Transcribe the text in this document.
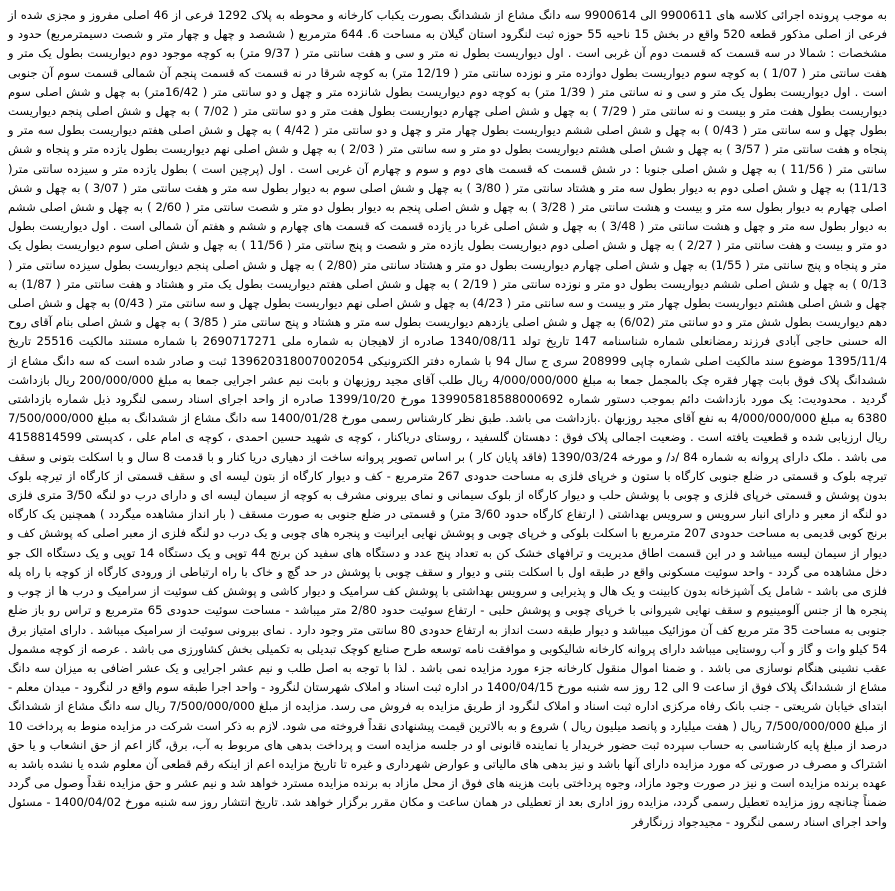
به موجب پرونده اجرائی کلاسه های 9900611 الی 9900614 سه دانگ مشاع از ششدانگ بصورت یکباب کارخانه و محوطه به پلاک 1292 فرعی از 46 اصلی مفروز و مجزی شده از فرعی از اصلی مذکور قطعه 520 واقع در بخش 15 ناحیه 55 حوزه ثبت لنگرود استان گیلان به مساحت 6. 644 مترمربع ( ششصد و چهل و چهار متر و شصت دسیمترمربع) حدود و مشخصات : شمالا در سه قسمت که قسمت دوم آن غربی است . اول دیواریست بطول نه متر و سی و هفت سانتی متر ( 9/37 متر) به کوچه موجود دوم دیواریست بطول یک متر و هفت سانتی متر ( 1/07 ) به کوچه سوم دیواریست بطول دوازده متر و نوزده سانتی متر ( 12/19 متر) به کوچه شرقا در نه قسمت که قسمت پنجم آن شمالی قسمت سوم آن جنوبی است . اول دیواریست بطول یک متر و سی و نه سانتی متر ( 1/39 متر) به کوچه دوم دیواریست بطول شانزده متر و چهل و دو سانتی متر ( 16/42متر) به چهل و شش اصلی سوم دیواریست بطول هفت متر و بیست و نه سانتی متر ( 7/29 ) به چهل و شش اصلی چهارم دیواریست بطول هفت متر و دو سانتی متر ( 7/02 ) به چهل و شش اصلی پنجم دیواریست بطول چهل و سه سانتی متر ( 0/43 ) به چهل و شش اصلی ششم دیواریست بطول چهار متر و چهل و دو سانتی متر ( 4/42 ) به چهل و شش اصلی هفتم دیواریست بطول سه متر و پنجاه و هفت سانتی متر ( 3/57 ) به چهل و شش اصلی هشتم دیواریست بطول دو متر و سه سانتی متر ( 2/03 ) به چهل و شش اصلی نهم دیواریست بطول یازده متر و پنجاه و شش سانتی متر ( 11/56 ) به چهل و شش اصلی جنوبا : در شش قسمت که قسمت های دوم و سوم و چهارم آن غربی است . اول (پرچین است ) بطول یازده متر و سیزده سانتی متر( 11/13) به چهل و شش اصلی دوم به دیوار بطول سه متر و هشتاد سانتی متر ( 3/80 ) به چهل و شش اصلی سوم به دیوار بطول سه متر و هفت سانتی متر ( 3/07 ) به چهل و شش اصلی چهارم به دیوار بطول سه متر و بیست و هشت سانتی متر ( 3/28 ) به چهل و شش اصلی پنجم به دیوار بطول دو متر و شصت سانتی متر ( 2/60 ) به چهل و شش اصلی ششم به دیوار بطول سه متر و چهل و هشت سانتی متر ( 3/48 ) به چهل و شش اصلی غربا در یازده قسمت که قسمت های چهارم و ششم و هفتم آن شمالی است . اول دیواریست بطول دو متر و بیست و هفت سانتی متر ( 2/27 ) به چهل و شش اصلی دوم دیواریست بطول یازده متر و شصت و پنج سانتی متر ( 11/56 ) به چهل و شش اصلی سوم دیواریست بطول یک متر و پنجاه و پنج سانتی متر ( 1/55) به چهل و شش اصلی چهارم دیواریست بطول دو متر و هشتاد سانتی متر (2/80 ) به چهل و شش اصلی پنجم دیواریست بطول سیزده سانتی متر ( 0/13 ) به چهل و شش اصلی ششم دیواریست بطول دو متر و نوزده سانتی متر ( 2/19 ) به چهل و شش اصلی هفتم دیواریست بطول یک متر و هشتاد و هفت سانتی متر ( 1/87) به چهل و شش اصلی هشتم دیواریست بطول چهار متر و بیست و سه سانتی متر ( 4/23) به چهل و شش اصلی نهم دیواریست بطول چهل و سه سانتی متر ( 0/43) به چهل و شش اصلی دهم دیواریست بطول شش متر و دو سانتی متر (6/02) به چهل و شش اصلی یازدهم دیواریست بطول سه متر و هشتاد و پنج سانتی متر ( 3/85 ) به چهل و شش اصلی بنام آقای روح اله حسنی حاجی آبادی فرزند رمضانعلی شماره شناسنامه 147 تاریخ تولد 1340/08/11 صادره از لاهیجان به شماره ملی 2690717271 با شماره مستند مالکیت 25516 تاریخ 1395/11/4 موضوع سند مالکیت اصلی شماره چاپی 208999 سری ج سال 94 با شماره دفتر الکترونیکی 139620318007002054 ثبت و صادر شده است که سه دانگ مشاع از ششدانگ پلاک فوق بابت چهار فقره چک بالمجمل جمعا به مبلغ 4/000/000/000 ریال طلب آقای مجید روزبهان و بابت نیم عشر اجرایی جمعا به مبلغ 200/000/000 ریال بازداشت گردید . محدودیت: یک مورد بازداشت دائم بموجب دستور شماره 139905818588000692 مورخ 1399/10/20 صادره از واحد اجرای اسناد رسمی لنگرود ذیل شماره بازداشتی 6380 به مبلغ 4/000/000/000 به نفع آقای مجید روزبهان .بازداشت می باشد. طبق نظر کارشناس رسمی مورخ 1400/01/28 سه دانگ مشاع از ششدانگ به مبلغ 7/500/000/000 ریال ارزیابی شده و قطعیت یافته است . وضعیت اجمالی پلاک فوق : دهستان گلسفید ، روستای دریاکنار ، کوچه ی شهید حسین احمدی ، کوچه ی امام علی ، کدپستی 4158814599 می باشد . ملک دارای پروانه به شماره 84 /د/ و مورخه 1390/03/24 (فاقد پایان کار ) بر اساس تصویر پروانه ساخت از دهیاری دریا کنار و با قدمت 8 سال و با اسکلت بتونی و سقف تیرچه بلوک و قسمتی در ضلع جنوبی کارگاه با ستون و خرپای فلزی به مساحت حدودی 267 مترمربع - کف و دیوار کارگاه از بتون لیسه ای و سقف قسمتی از کارگاه از تیرچه بلوک بدون پوشش و قسمتی خرپای فلزی و چوبی با پوشش حلب و دیوار کارگاه از بلوک سیمانی و نمای بیرونی مشرف به کوچه از سیمان لیسه ای و دارای درب دو لنگه 3/50 متری فلزی دو لنگه از معبر و دارای انبار سرویس و سرویس بهداشتی ( ارتفاع کارگاه حدود 3/60 متر) و قسمتی در ضلع جنوبی به صورت مسقف ( بار انداز مشاهده میگردد ) همچنین یک کارگاه برنج کوبی قدیمی به مساحت حدودی 207 مترمربع با اسکلت بلوکی و خرپای چوبی و پوشش نهایی ایرانیت و پنجره های چوبی و یک درب دو لنگه فلزی از معبر اصلی که پوشش کف و دیوار از سیمان لیسه میباشد و در این قسمت اطاق مدیریت و ترافهای خشک کن به تعداد پنج عدد و دستگاه های سفید کن برنج 44 توپی و یک دستگاه 14 توپی و یک دستگاه الک جو دخل مشاهده می گردد - واحد سوئیت مسکونی واقع در طبقه اول با اسکلت بتنی و دیوار و سقف چوبی با پوشش در حد گچ و خاک با راه ارتباطی از ورودی کارگاه از کوچه با راه پله فلزی می باشد - شامل یک آشپزخانه بدون کابینت و یک هال و پذیرایی و سرویس بهداشتی با پوشش کف سرامیک و دیوار کاشی و پوشش کف سوئیت از سرامیک و درب ها از چوب و پنجره ها از جنس آلومینیوم و سقف نهایی شیروانی با خرپای چوبی و پوشش حلبی - ارتفاع سوئیت حدود 2/80 متر میباشد - مساحت سوئیت حدودی 65 مترمربع و تراس رو باز ضلع جنوبی به مساحت 35 متر مربع کف آن موزائیک میباشد و دیوار طبقه دست انداز به ارتفاع حدودی 80 سانتی متر وجود دارد . نمای بیرونی سوئیت از سرامیک میباشد . دارای امتیاز برق 54 کیلو وات و گاز و آب روستایی میباشد دارای پروانه کارخانه شالیکوبی و موافقت نامه توسعه طرح صنایع کوچک تبدیلی به تکمیلی بخش کشاورزی می باشد . عرصه از کوچه مشمول عقب نشینی هنگام نوسازی می باشد . و ضمنا اموال منقول کارخانه جزء مورد مزایده نمی باشد . لذا با توجه به اصل طلب و نیم عشر اجرایی و یک عشر اضافی به میزان سه دانگ مشاع از ششدانگ پلاک فوق از ساعت 9 الی 12 روز سه شنبه مورخ 1400/04/15 در اداره ثبت اسناد و املاک شهرستان لنگرود - واحد اجرا طبقه سوم واقع در لنگرود - میدان معلم - ابتدای خیابان شریعتی - جنب بانک رفاه مرکزی اداره ثبت اسناد و املاک لنگرود از طریق مزایده به فروش می رسد. مزایده از مبلغ 7/500/000/000 ریال سه دانگ مشاع از ششدانگ از مبلغ 7/500/000/000 ریال ( هفت میلیارد و پانصد میلیون ریال ) شروع و به بالاترین قیمت پیشنهادی نقداً فروخته می شود. لازم به ذکر است شرکت در مزایده منوط به پرداخت 10 درصد از مبلغ پایه کارشناسی به حساب سپرده ثبت حضور خریدار یا نماینده قانونی او در جلسه مزایده است و پرداخت بدهی های مربوط به آب، برق، گاز اعم از حق انشعاب و یا حق اشتراک و مصرف در صورتی که مورد مزایده دارای آنها باشد و نیز بدهی های مالیاتی و عوارض شهرداری و غیره تا تاریخ مزایده اعم از اینکه رقم قطعی آن معلوم شده یا نشده باشد به عهده برنده مزایده است و نیز در صورت وجود مازاد، وجوه پرداختی بابت هزینه های فوق از محل مازاد به برنده مزایده مسترد خواهد شد و نیم عشر و حق مزایده نقداً وصول می گردد ضمناً چنانچه روز مزایده تعطیل رسمی گردد، مزایده روز اداری بعد از تعطیلی در همان ساعت و مکان مقرر برگزار خواهد شد. تاریخ انتشار روز سه شنبه مورخ 1400/04/02 - مسئول واحد اجرای اسناد رسمی لنگرود - مجیدجواد زرنگارفر
